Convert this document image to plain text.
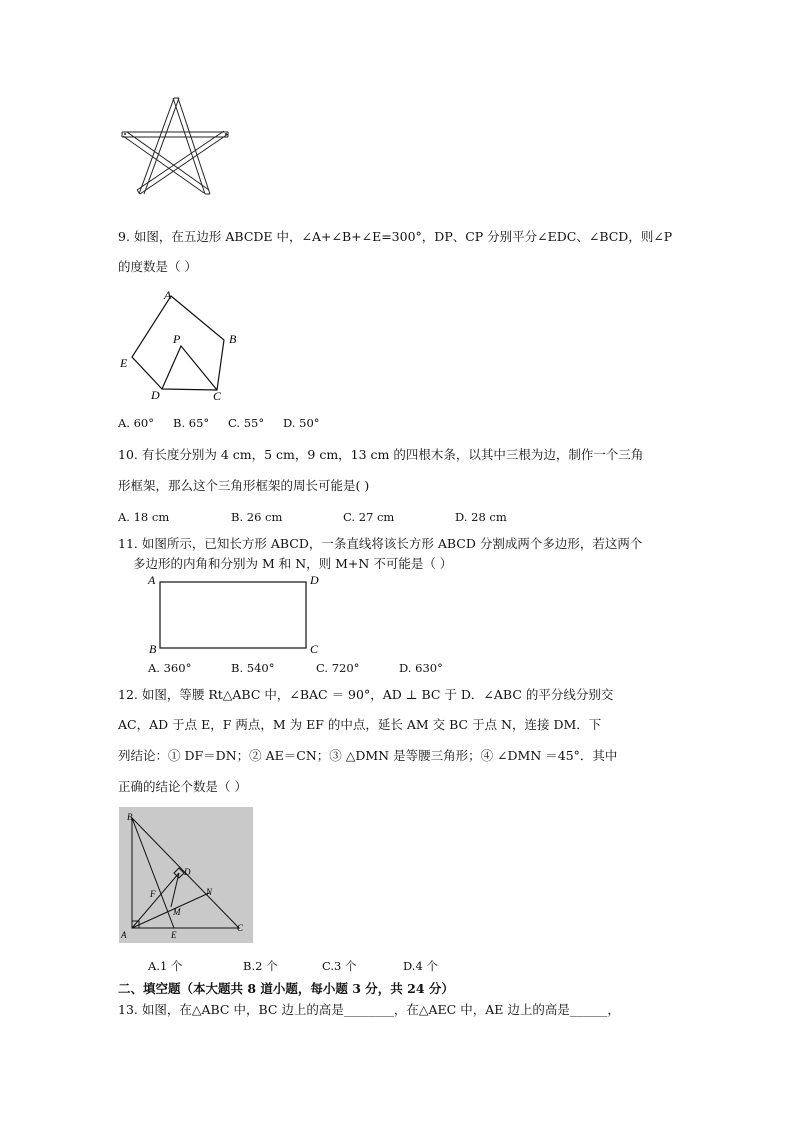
9. 如图，在五边形 ABCDE 中，∠A+∠B+∠E=300°，DP、CP 分别平分∠EDC、∠BCD，则∠P
的度数是（ ）
A
B
C
D
E
P
A. 60° B. 65° C. 55° D. 50°
10. 有长度分别为 4 cm，5 cm，9 cm，13 cm 的四根木条，以其中三根为边，制作一个三角
形框架，那么这个三角形框架的周长可能是( )
A. 18 cm	B. 26 cm	C. 27 cm	D. 28 cm
11. 如图所示，已知长方形 ABCD，一条直线将该长方形 ABCD 分割成两个多边形，若这两个
多边形的内角和分别为 M 和 N，则 M+N 不可能是（ ）
A	D
B	C
A. 360°	B. 540°	C. 720°	D. 630°
12. 如图，等腰 Rt△ABC 中，∠BAC ＝ 90°，AD ⊥ BC 于 D．∠ABC 的平分线分别交
AC，AD 于点 E，F 两点，M 为 EF 的中点，延长 AM 交 BC 于点 N，连接 DM．下
列结论：① DF＝DN；② AE＝CN；③ △DMN 是等腰三角形；④ ∠DMN ＝45°．其中
正确的结论个数是（ ）
B
D
F	N
M
A	E
C
A.1 个	B.2 个	C.3 个	D.4 个
二、填空题（本大题共 8 道小题，每小题 3 分，共 24 分）
13. 如图，在△ABC 中，BC 边上的高是________，在△AEC 中，AE 边上的高是______，
